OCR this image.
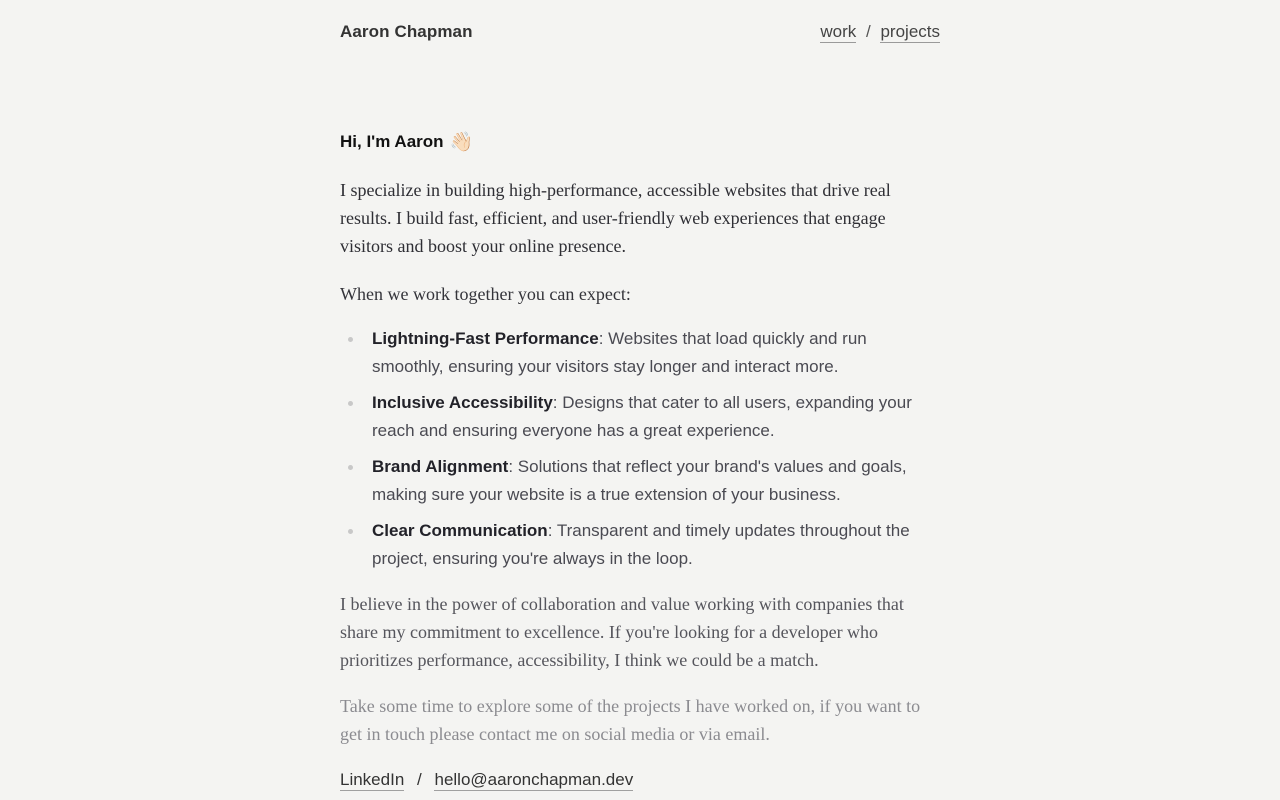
Aaron Chapman	work / projects
Hi, I'm Aaron 👋🏻

I specialize in building high-performance, accessible websites that drive real results. I build fast, efficient, and user-friendly web experiences that engage visitors and boost your online presence.

When we work together you can expect:

Lightning-Fast Performance: Websites that load quickly and run smoothly, ensuring your visitors stay longer and interact more.
Inclusive Accessibility: Designs that cater to all users, expanding your reach and ensuring everyone has a great experience.
Brand Alignment: Solutions that reflect your brand's values and goals, making sure your website is a true extension of your business.
Clear Communication: Transparent and timely updates throughout the project, ensuring you're always in the loop.

I believe in the power of collaboration and value working with companies that share my commitment to excellence. If you're looking for a developer who prioritizes performance, accessibility, I think we could be a match.

Take some time to explore some of the projects I have worked on, if you want to get in touch please contact me on social media or via email.

LinkedIn / hello@aaronchapman.dev
